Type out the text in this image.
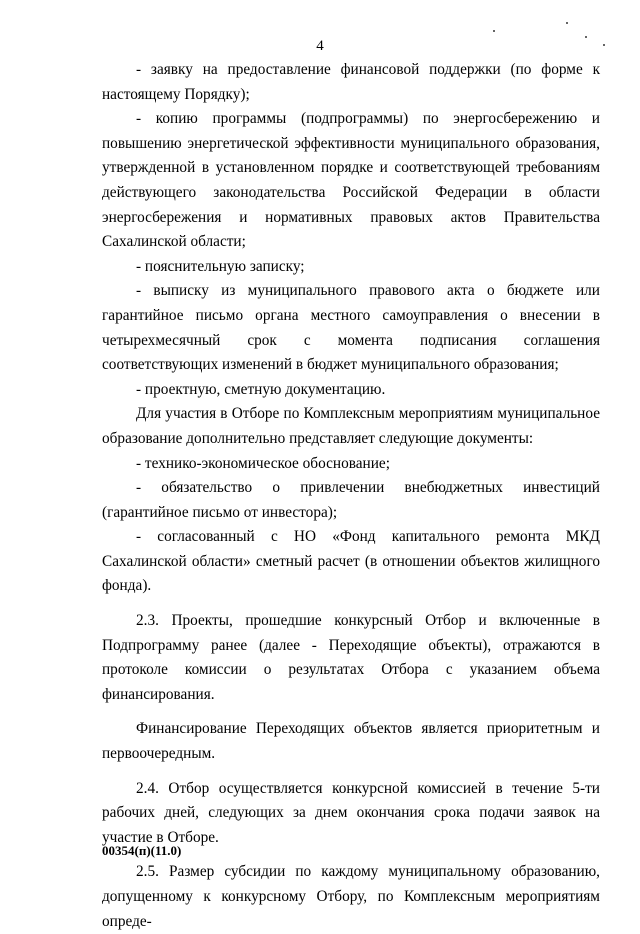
4

- заявку на предоставление финансовой поддержки (по форме к настоящему Порядку);

- копию программы (подпрограммы) по энергосбережению и повышению энергетической эффективности муниципального образования, утвержденной в установленном порядке и соответствующей требованиям действующего законодательства Российской Федерации в области энергосбережения и нормативных правовых актов Правительства Сахалинской области;

- пояснительную записку;

- выписку из муниципального правового акта о бюджете или гарантийное письмо органа местного самоуправления о внесении в четырехмесячный срок с момента подписания соглашения соответствующих изменений в бюджет муниципального образования;

- проектную, сметную документацию.

Для участия в Отборе по Комплексным мероприятиям муниципальное образование дополнительно представляет следующие документы:

- технико-экономическое обоснование;

- обязательство о привлечении внебюджетных инвестиций (гарантийное письмо от инвестора);

- согласованный с НО «Фонд капитального ремонта МКД Сахалинской области» сметный расчет (в отношении объектов жилищного фонда).

2.3. Проекты, прошедшие конкурсный Отбор и включенные в Подпрограмму ранее (далее - Переходящие объекты), отражаются в протоколе комиссии о результатах Отбора с указанием объема финансирования.

Финансирование Переходящих объектов является приоритетным и первоочередным.

2.4. Отбор осуществляется конкурсной комиссией в течение 5-ти рабочих дней, следующих за днем окончания срока подачи заявок на участие в Отборе.

2.5. Размер субсидии по каждому муниципальному образованию, допущенному к конкурсному Отбору, по Комплексным мероприятиям опреде-

00354(п)(11.0)
